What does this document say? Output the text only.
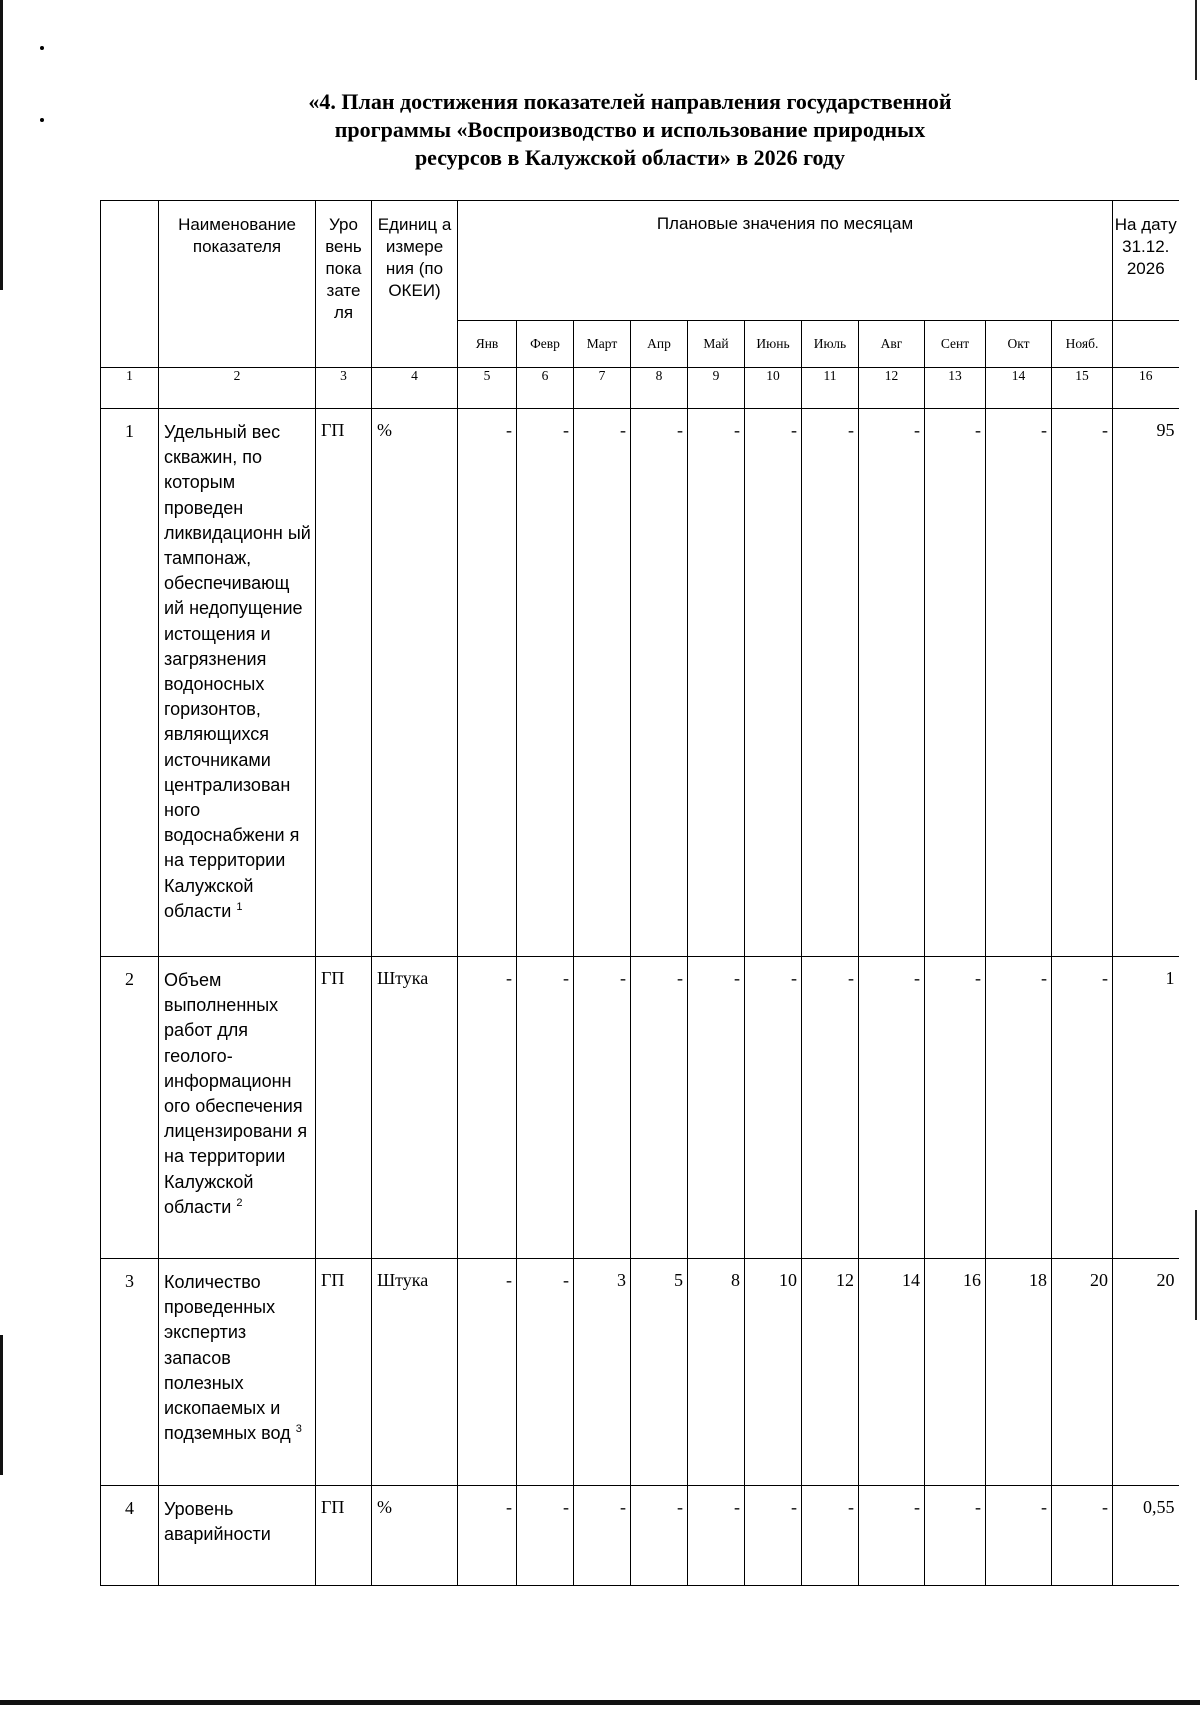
«4. План достижения показателей направления государственной
программы «Воспроизводство и использование природных
ресурсов в Калужской области» в 2026 году
	Наименование показателя	Уро вень пока зате ля	Единиц а измере ния (по ОКЕИ)	Плановые значения по месяцам											На дату 31.12. 2026
				Янв	Февр	Март	Апр	Май	Июнь	Июль	Авг	Сент	Окт	Нояб.	
1	2	3	4	5	6	7	8	9	10	11	12	13	14	15	16
1	Удельный вес скважин, по которым проведен ликвидационн ый тампонаж, обеспечивающ ий недопущение истощения и загрязнения водоносных горизонтов, являющихся источниками централизован ного водоснабжени я на территории Калужской области $^1$	ГП	%	-	-	-	-	-	-	-	-	-	-	-	95
2	Объем выполненных работ для геолого- информационн ого обеспечения лицензировани я на территории Калужской области $^2$	ГП	Штука	-	-	-	-	-	-	-	-	-	-	-	1
3	Количество проведенных экспертиз запасов полезных ископаемых и подземных вод $^3$	ГП	Штука	-	-	3	5	8	10	12	14	16	18	20	20
4	Уровень аварийности	ГП	%	-	-	-	-	-	-	-	-	-	-	-	0,55
